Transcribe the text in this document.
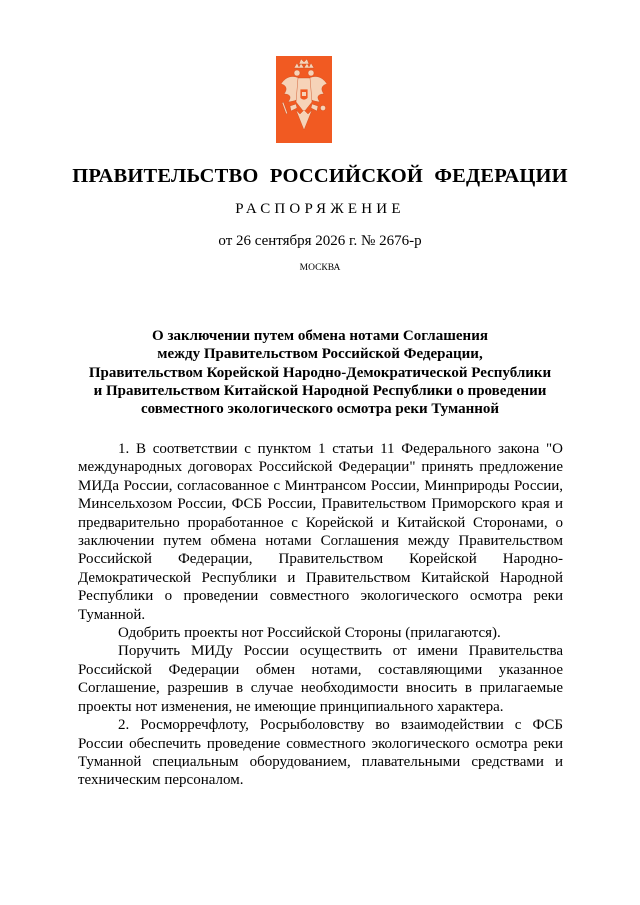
ПРАВИТЕЛЬСТВО РОССИЙСКОЙ ФЕДЕРАЦИИ
РАСПОРЯЖЕНИЕ
от 26 сентября 2026 г. № 2676-р
МОСКВА
О заключении путем обмена нотами Соглашения
между Правительством Российской Федерации,
Правительством Корейской Народно-Демократической Республики
и Правительством Китайской Народной Республики о проведении
совместного экологического осмотра реки Туманной

1. В соответствии с пунктом 1 статьи 11 Федерального закона "О международных договорах Российской Федерации" принять предложение МИДа России, согласованное с Минтрансом России, Минприроды России, Минсельхозом России, ФСБ России, Правительством Приморского края и предварительно проработанное с Корейской и Китайской Сторонами, о заключении путем обмена нотами Соглашения между Правительством Российской Федерации, Правительством Корейской Народно-Демократической Республики и Правительством Китайской Народной Республики о проведении совместного экологического осмотра реки Туманной.

Одобрить проекты нот Российской Стороны (прилагаются).

Поручить МИДу России осуществить от имени Правительства Российской Федерации обмен нотами, составляющими указанное Соглашение, разрешив в случае необходимости вносить в прилагаемые проекты нот изменения, не имеющие принципиального характера.

2. Росморречфлоту, Росрыболовству во взаимодействии с ФСБ России обеспечить проведение совместного экологического осмотра реки Туманной специальным оборудованием, плавательными средствами и техническим персоналом.
